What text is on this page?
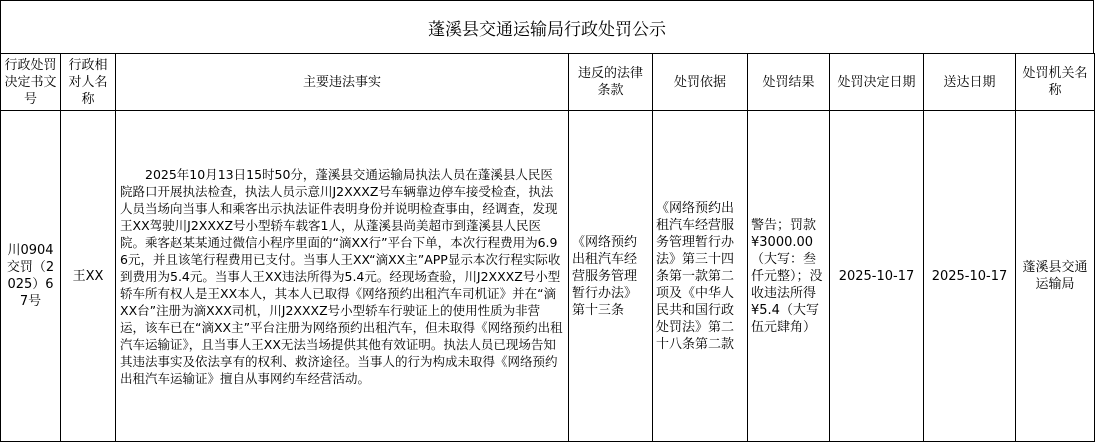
蓬溪县交通运输局行政处罚公示
行政处罚决定书文号	行政相对人名称	主要违法事实	违反的法律条款	处罚依据	处罚结果	处罚决定日期	送达日期	处罚机关名称
川0904交罚（2025）67号	王XX	2025年10月13日15时50分，蓬溪县交通运输局执法人员在蓬溪县人民医院路口开展执法检查，执法人员示意川J2XXXZ号车辆靠边停车接受检查，执法人员当场向当事人和乘客出示执法证件表明身份并说明检查事由，经调查，发现王XX驾驶川J2XXXZ号小型轿车载客1人，从蓬溪县尚美超市到蓬溪县人民医院。乘客赵某某通过微信小程序里面的“滴XX行”平台下单，本次行程费用为6.96元，并且该笔行程费用已支付。当事人王XX“滴XX主”APP显示本次行程实际收到费用为5.4元。当事人王XX违法所得为5.4元。经现场查验，川J2XXXZ号小型轿车所有权人是王XX本人，其本人已取得《网络预约出租汽车司机证》并在“滴XX台”注册为滴XXX司机，川J2XXXZ号小型轿车行驶证上的使用性质为非营运，该车已在“滴XX主”平台注册为网络预约出租汽车，但未取得《网络预约出租汽车运输证》，且当事人王XX无法当场提供其他有效证明。执法人员已现场告知其违法事实及依法享有的权利、救济途径。当事人的行为构成未取得《网络预约出租汽车运输证》擅自从事网约车经营活动。	《网络预约出租汽车经营服务管理暂行办法》第十三条	《网络预约出租汽车经营服务管理暂行办法》第三十四条第一款第二项及《中华人民共和国行政处罚法》第二十八条第二款	警告；罚款¥3000.00（大写：叁仟元整）；没收违法所得¥5.4（大写伍元肆角）	2025-10-17	2025-10-17	蓬溪县交通运输局
